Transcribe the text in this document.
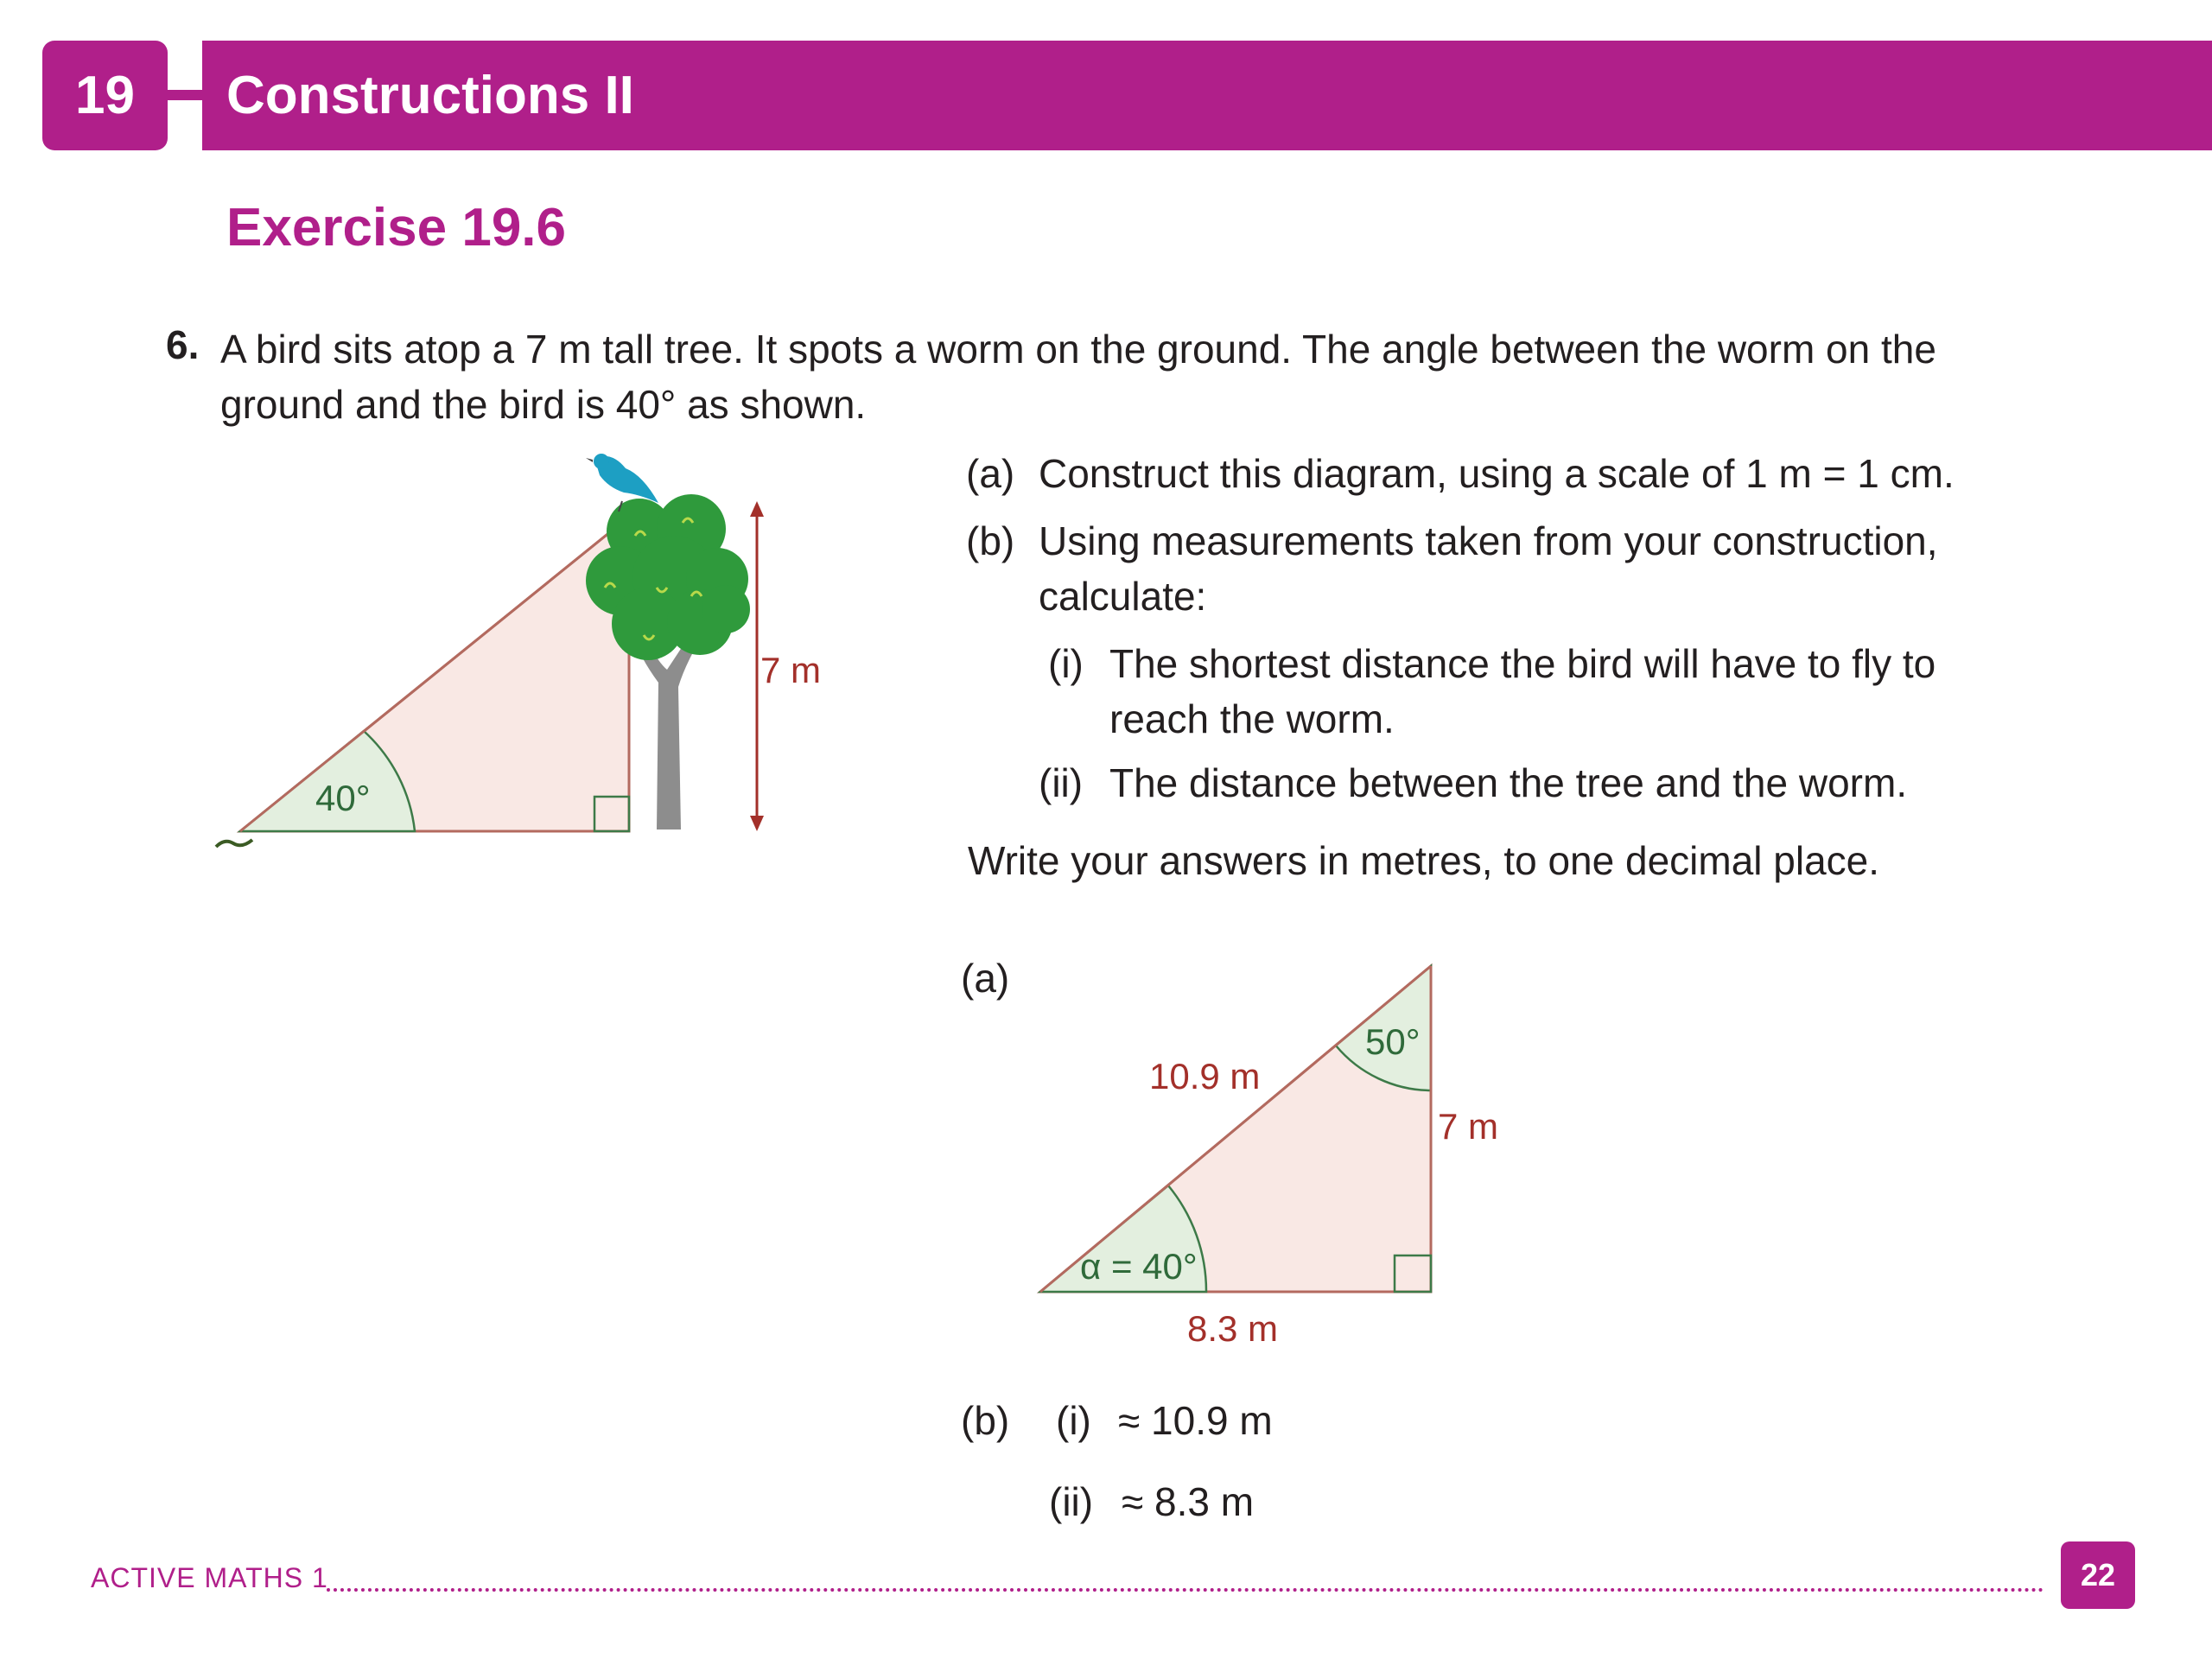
19	Constructions II
Exercise 19.6
6. A bird sits atop a 7 m tall tree. It spots a worm on the ground. The angle between the worm on the
ground and the bird is 40° as shown.
40°
7 m
(a) Construct this diagram, using a scale of 1 m = 1 cm.
(b) Using measurements taken from your construction,
calculate:
(i) The shortest distance the bird will have to fly to
reach the worm.
(ii) The distance between the tree and the worm.
Write your answers in metres, to one decimal place.
(a)
10.9 m
50°
7 m
α = 40°
8.3 m
(b) (i) ≈ 10.9 m
(ii) ≈ 8.3 m
ACTIVE MATHS 1	22
